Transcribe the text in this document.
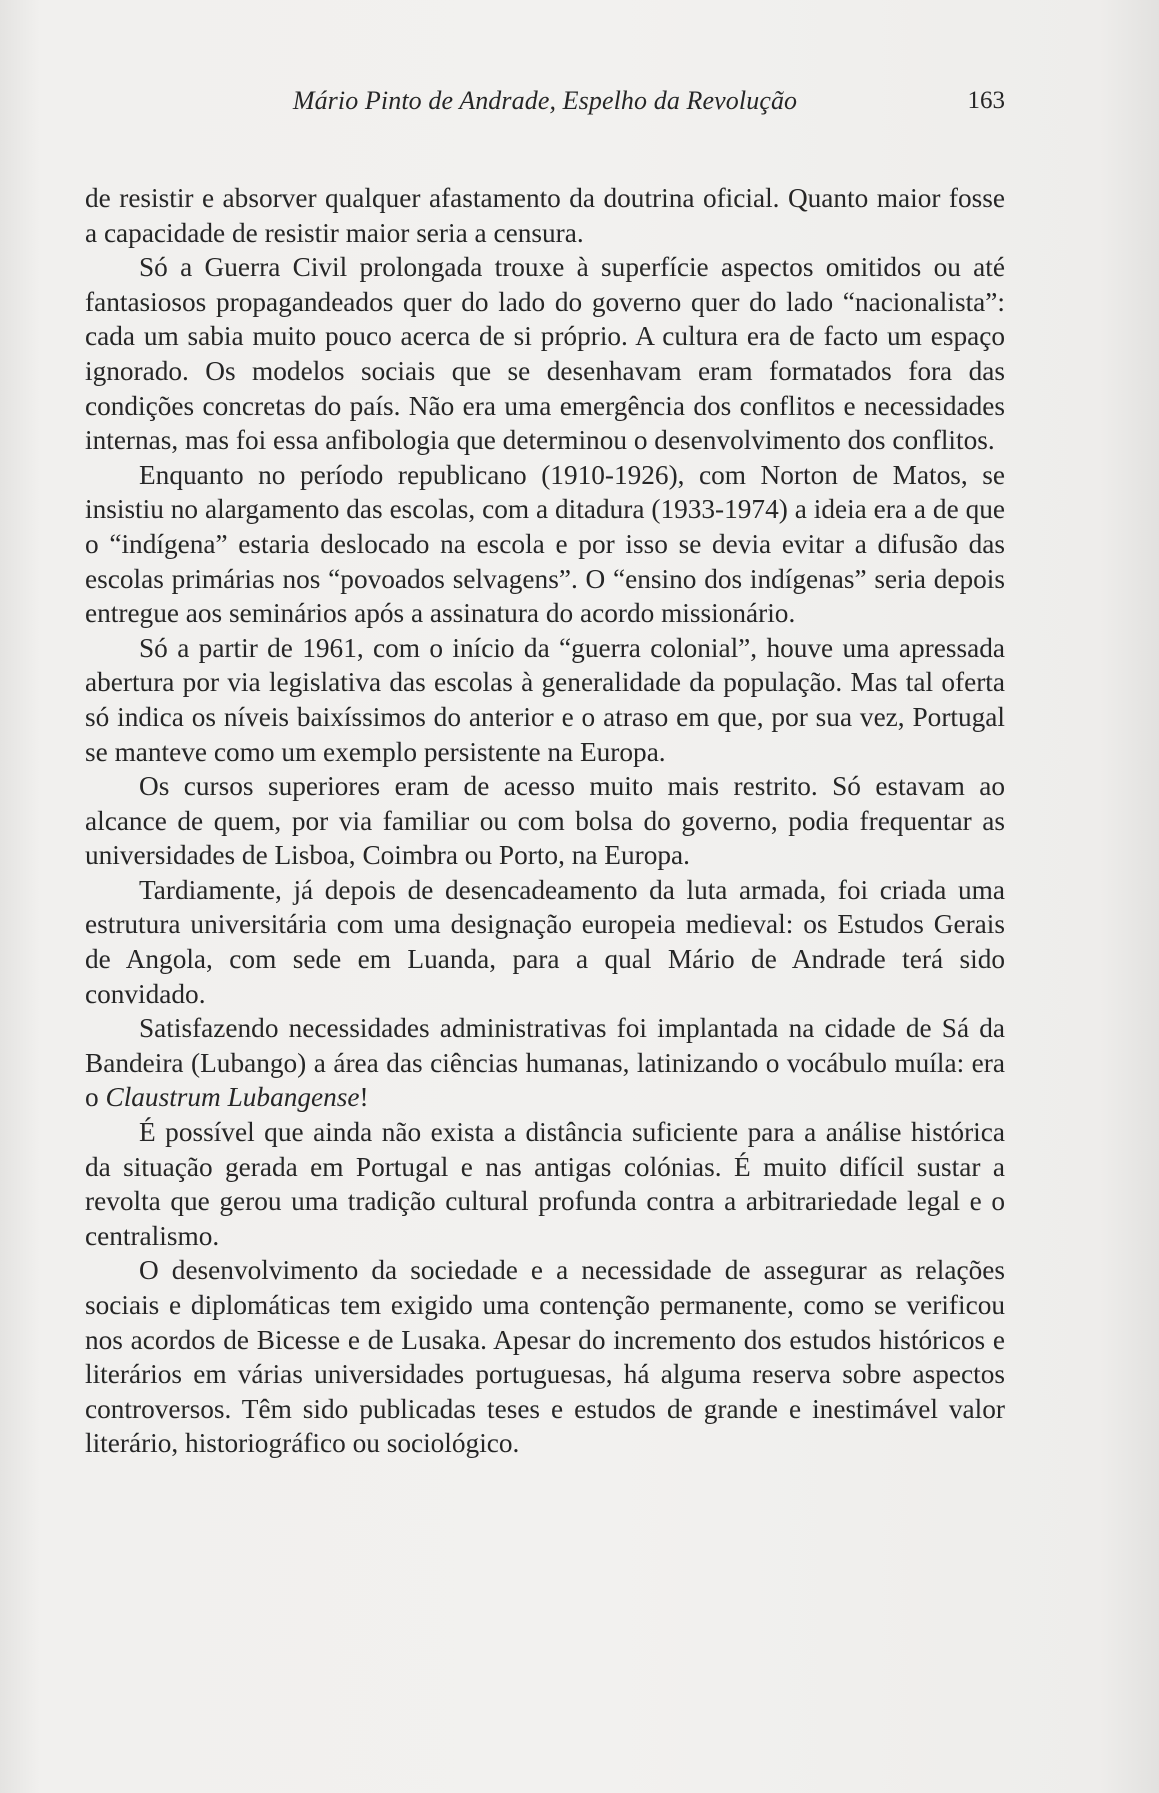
Mário Pinto de Andrade, Espelho da Revolução	163

de resistir e absorver qualquer afastamento da doutrina oficial. Quanto maior fosse a capacidade de resistir maior seria a censura.

Só a Guerra Civil prolongada trouxe à superfície aspectos omitidos ou até fantasiosos propagandeados quer do lado do governo quer do lado “nacionalista”: cada um sabia muito pouco acerca de si próprio. A cultura era de facto um espaço ignorado. Os modelos sociais que se desenhavam eram formatados fora das condições concretas do país. Não era uma emergência dos conflitos e necessidades internas, mas foi essa anfibologia que determinou o desenvolvimento dos conflitos.

Enquanto no período republicano (1910-1926), com Norton de Matos, se insistiu no alargamento das escolas, com a ditadura (1933-1974) a ideia era a de que o “indígena” estaria deslocado na escola e por isso se devia evitar a difusão das escolas primárias nos “povoados selvagens”. O “ensino dos indígenas” seria depois entregue aos seminários após a assinatura do acordo missionário.

Só a partir de 1961, com o início da “guerra colonial”, houve uma apressada abertura por via legislativa das escolas à generalidade da população. Mas tal oferta só indica os níveis baixíssimos do anterior e o atraso em que, por sua vez, Portugal se manteve como um exemplo persistente na Europa.

Os cursos superiores eram de acesso muito mais restrito. Só estavam ao alcance de quem, por via familiar ou com bolsa do governo, podia frequentar as universidades de Lisboa, Coimbra ou Porto, na Europa.

Tardiamente, já depois de desencadeamento da luta armada, foi criada uma estrutura universitária com uma designação europeia medieval: os Estudos Gerais de Angola, com sede em Luanda, para a qual Mário de Andrade terá sido convidado.

Satisfazendo necessidades administrativas foi implantada na cidade de Sá da Bandeira (Lubango) a área das ciências humanas, latinizando o vocábulo muíla: era o Claustrum Lubangense!

É possível que ainda não exista a distância suficiente para a análise histórica da situação gerada em Portugal e nas antigas colónias. É muito difícil sustar a revolta que gerou uma tradição cultural profunda contra a arbitrariedade legal e o centralismo.

O desenvolvimento da sociedade e a necessidade de assegurar as relações sociais e diplomáticas tem exigido uma contenção permanente, como se verificou nos acordos de Bicesse e de Lusaka. Apesar do incremento dos estudos históricos e literários em várias universidades portuguesas, há alguma reserva sobre aspectos controversos. Têm sido publicadas teses e estudos de grande e inestimável valor literário, historiográfico ou sociológico.
